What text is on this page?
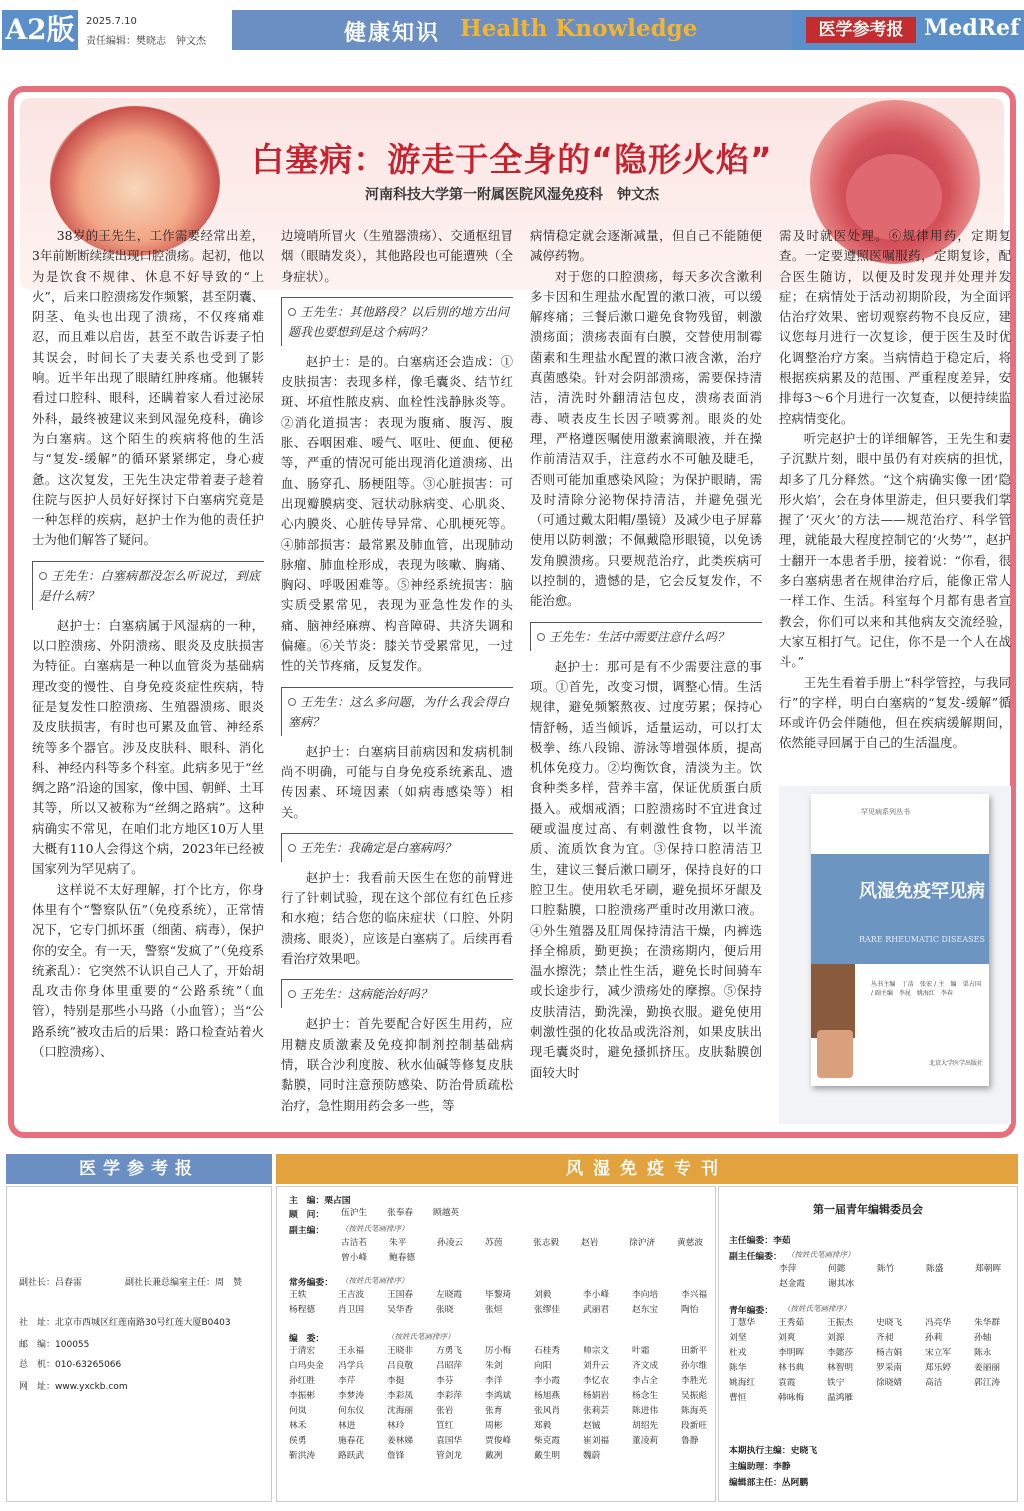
A2版	2025.7.10
责任编辑：樊晓志　钟文杰	健康知识 Health Knowledge	医学参考报 MedRef
白塞病：游走于全身的“隐形火焰”
河南科技大学第一附属医院风湿免疫科　钟文杰

38岁的王先生，工作需要经常出差，3年前断断续续出现口腔溃疡。起初，他以为是饮食不规律、休息不好导致的“上火”，后来口腔溃疡发作频繁，甚至阴囊、阴茎、龟头也出现了溃疡，不仅疼痛难忍，而且难以启齿，甚至不敢告诉妻子怕其误会，时间长了夫妻关系也受到了影响。近半年出现了眼睛红肿疼痛。他辗转看过口腔科、眼科，还瞒着家人看过泌尿外科，最终被建议来到风湿免疫科，确诊为白塞病。这个陌生的疾病将他的生活与“复发-缓解”的循环紧紧绑定，身心疲惫。这次复发，王先生决定带着妻子趁着住院与医护人员好好探讨下白塞病究竟是一种怎样的疾病，赵护士作为他的责任护士为他们解答了疑问。

王先生：白塞病都没怎么听说过，到底是什么病？

赵护士：白塞病属于风湿病的一种，以口腔溃疡、外阴溃疡、眼炎及皮肤损害为特征。白塞病是一种以血管炎为基础病理改变的慢性、自身免疫炎症性疾病，特征是复发性口腔溃疡、生殖器溃疡、眼炎及皮肤损害，有时也可累及血管、神经系统等多个器官。涉及皮肤科、眼科、消化科、神经内科等多个科室。此病多见于“丝绸之路”沿途的国家，像中国、朝鲜、土耳其等，所以又被称为“丝绸之路病”。这种病确实不常见，在咱们北方地区10万人里大概有110人会得这个病，2023年已经被国家列为罕见病了。

这样说不太好理解，打个比方，你身体里有个“警察队伍”（免疫系统），正常情况下，它专门抓坏蛋（细菌、病毒），保护你的安全。有一天，警察“发疯了”（免疫系统紊乱）：它突然不认识自己人了，开始胡乱攻击你身体里重要的“公路系统”（血管），特别是那些小马路（小血管）；当“公路系统”被攻击后的后果：路口检查站着火（口腔溃疡）、

边境哨所冒火（生殖器溃疡）、交通枢纽冒烟（眼睛发炎），其他路段也可能遭殃（全身症状）。

王先生：其他路段？以后别的地方出问题我也要想到是这个病吗？

赵护士：是的。白塞病还会造成：①皮肤损害：表现多样，像毛囊炎、结节红斑、坏疽性脓皮病、血栓性浅静脉炎等。②消化道损害：表现为腹痛、腹泻、腹胀、吞咽困难、嗳气、呕吐、便血、便秘等，严重的情况可能出现消化道溃疡、出血、肠穿孔、肠梗阻等。③心脏损害：可出现瓣膜病变、冠状动脉病变、心肌炎、心内膜炎、心脏传导异常、心肌梗死等。④肺部损害：最常累及肺血管，出现肺动脉瘤、肺血栓形成，表现为咳嗽、胸痛、胸闷、呼吸困难等。⑤神经系统损害：脑实质受累常见，表现为亚急性发作的头痛、脑神经麻痹、构音障碍、共济失调和偏瘫。⑥关节炎：膝关节受累常见，一过性的关节疼痛，反复发作。

王先生：这么多问题，为什么我会得白塞病？

赵护士：白塞病目前病因和发病机制尚不明确，可能与自身免疫系统紊乱、遗传因素、环境因素（如病毒感染等）相关。

王先生：我确定是白塞病吗？

赵护士：我看前天医生在您的前臂进行了针刺试验，现在这个部位有红色丘疹和水疱；结合您的临床症状（口腔、外阴溃疡、眼炎），应该是白塞病了。后续再看看治疗效果吧。

王先生：这病能治好吗？

赵护士：首先要配合好医生用药，应用糖皮质激素及免疫抑制剂控制基础病情，联合沙利度胺、秋水仙碱等修复皮肤黏膜，同时注意预防感染、防治骨质疏松治疗，急性期用药会多一些，等

病情稳定就会逐渐减量，但自己不能随便减停药物。

对于您的口腔溃疡，每天多次含漱利多卡因和生理盐水配置的漱口液，可以缓解疼痛；三餐后漱口避免食物残留，刺激溃疡面；溃疡表面有白膜，交替使用制霉菌素和生理盐水配置的漱口液含漱，治疗真菌感染。针对会阴部溃疡，需要保持清洁，清洗时外翻清洁包皮，溃疡表面消毒、喷表皮生长因子喷雾剂。眼炎的处理，严格遵医嘱使用激素滴眼液，并在操作前清洁双手，注意药水不可触及睫毛，否则可能加重感染风险；为保护眼睛，需及时清除分泌物保持清洁，并避免强光（可通过戴太阳帽/墨镜）及减少电子屏幕使用以防刺激；不佩戴隐形眼镜，以免诱发角膜溃疡。只要规范治疗，此类疾病可以控制的，遗憾的是，它会反复发作，不能治愈。

王先生：生活中需要注意什么吗？

赵护士：那可是有不少需要注意的事项。①首先，改变习惯，调整心情。生活规律，避免频繁熬夜、过度劳累；保持心情舒畅，适当倾诉，适量运动，可以打太极拳、练八段锦、游泳等增强体质，提高机体免疫力。②均衡饮食，清淡为主。饮食种类多样，营养丰富，保证优质蛋白质摄入。戒烟戒酒；口腔溃疡时不宜进食过硬或温度过高、有刺激性食物，以半流质、流质饮食为宜。③保持口腔清洁卫生，建议三餐后漱口刷牙，保持良好的口腔卫生。使用软毛牙刷，避免损坏牙龈及口腔黏膜，口腔溃疡严重时改用漱口液。④外生殖器及肛周保持清洁干燥，内裤选择全棉质，勤更换；在溃疡期内，便后用温水擦洗；禁止性生活，避免长时间骑车或长途步行，减少溃疡处的摩擦。⑤保持皮肤清洁，勤洗澡，勤换衣服。避免使用刺激性强的化妆品或洗浴剂，如果皮肤出现毛囊炎时，避免搔抓挤压。皮肤黏膜创面较大时

需及时就医处理。⑥规律用药，定期复查。一定要遵照医嘱服药，定期复诊，配合医生随访，以便及时发现并处理并发症；在病情处于活动初期阶段，为全面评估治疗效果、密切观察药物不良反应，建议您每月进行一次复诊，便于医生及时优化调整治疗方案。当病情趋于稳定后，将根据疾病累及的范围、严重程度差异，安排每3～6个月进行一次复查，以便持续监控病情变化。

听完赵护士的详细解答，王先生和妻子沉默片刻，眼中虽仍有对疾病的担忧，却多了几分释然。“这个病确实像一团‘隐形火焰’，会在身体里游走，但只要我们掌握了‘灭火’的方法——规范治疗、科学管理，就能最大程度控制它的‘火势’”，赵护士翻开一本患者手册，接着说：“你看，很多白塞病患者在规律治疗后，能像正常人一样工作、生活。科室每个月都有患者宣教会，你们可以来和其他病友交流经验，大家互相打气。记住，你不是一个人在战斗。”

王先生看着手册上“科学管控，与我同行”的字样，明白白塞病的“复发-缓解”循环或许仍会伴随他，但在疾病缓解期间，依然能寻回属于自己的生活温度。

罕见病系列丛书
风湿免疫罕见病
RARE RHEUMATIC DISEASES
丛书主编　丁洁　张宏 / 主　编　栗占国 / 副主编　李昆　姚海红　李春
北京大学医学出版社
医学参考报	风湿免疫专刊
副社长：吕春雷	副社长兼总编室主任：周　赞
社　址：北京市西城区红莲南路30号红莲大厦B0403
邮　编：100055
总　机：010-63265066
网　址：www.yxckb.com
主　编：栗占国
顾　问： 伍沪生	张奉春	顾越英
副主编： （按姓氏笔画排序）
古洁若	朱平	孙凌云	苏茵	张志毅	赵岩	徐沪济	黄慈波
曾小峰	鲍春德
常务编委： （按姓氏笔画排序）
王轶	王吉波	王国春	左晓霞	毕黎琦	刘毅	李小峰	李向培	李兴福
杨程德	肖卫国	吴华香	张晓	张烜	张缪佳	武丽君	赵东宝	陶怡
编　委：	（按姓氏笔画排序）
于清宏	王永福	王晓非	方勇飞	厉小梅	石桂秀	帅宗文	叶霜	田新平
白玛央金	冯学兵	吕良敬	吕昭萍	朱剑	向阳	刘升云	齐文成	孙尔维
孙红胜	李芹	李挺	李芬	李洋	李小霞	李忆农	李占全	李胜光
李振彬	李梦涛	李彩凤	李彩萍	李鸿斌	杨旭燕	杨娟岩	杨念生	吴振彪
何岚	何东仪	沈海丽	张岩	张育	张风肖	张莉芸	陈进伟	陈海英
林禾	林进	林玲	笪红	周彬	郑毅	赵铖	胡绍先	段新旺
侯勇	施春花	姜林娣	袁国华	贾俊峰	柴克霞	崔刘福	董凌莉	鲁静
靳洪涛	路跃武	詹锋	管剑龙	戴冽	戴生明	魏蔚
第一届青年编辑委员会
主任编委：李茹
副主任编委： （按姓氏笔画排序）
李萍	何懿	陈竹	陈盛	郑朝晖
赵金霞	谢其冰
青年编委： （按姓氏笔画排序）
丁慧华	王秀茹	王振杰	史晓飞	冯亮华	朱华群
刘坚	刘爽	刘源	齐昶	孙莉	孙轴
杜戎	李明晖	李懿莎	杨吉娟	宋立军	陈永
陈华	林书典	林智明	罗采南	郑乐婷	姜丽丽
姚海红	袁霞	铁宁	徐晓婧	高洁	郭江涛
曹恒	韩咏梅	温鸿雁
本期执行主编：史晓飞
主编助理：李静
编辑部主任：丛阿鹏
